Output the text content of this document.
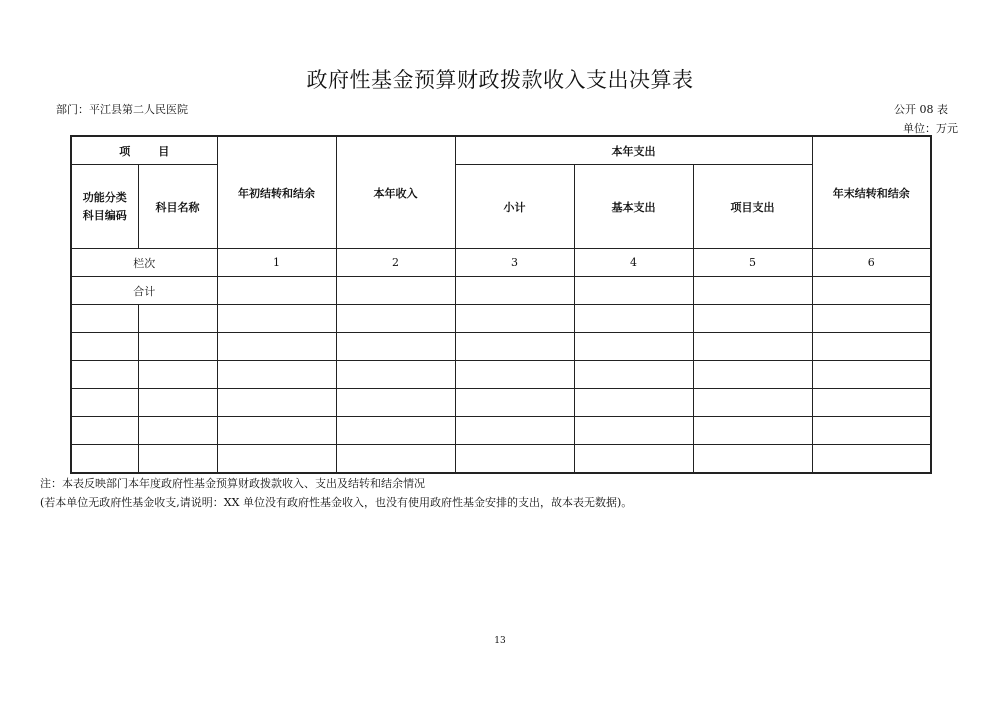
政府性基金预算财政拨款收入支出决算表
部门：平江县第二人民医院	公开 08 表
单位：万元
项目		年初结转和结余	本年收入	本年支出			年末结转和结余
功能分类
科目编码	科目名称			小计	基本支出	项目支出	
栏次		1	2	3	4	5	6
合计							

注：本表反映部门本年度政府性基金预算财政拨款收入、支出及结转和结余情况
(若本单位无政府性基金收支,请说明：XX 单位没有政府性基金收入，也没有使用政府性基金安排的支出，故本表无数据)。
13
